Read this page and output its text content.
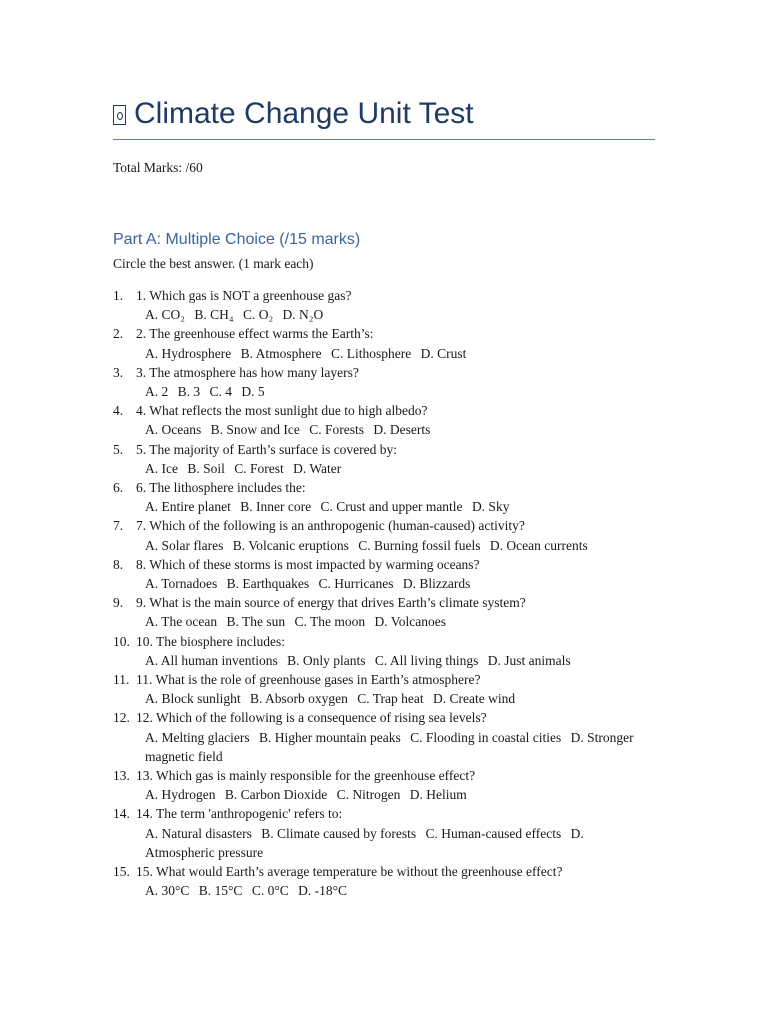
Climate Change Unit Test
Total Marks: /60
Part A: Multiple Choice (/15 marks)
Circle the best answer. (1 mark each)
1. 1. Which gas is NOT a greenhouse gas?
A. CO₂ B. CH₄ C. O₂ D. N₂O
2. 2. The greenhouse effect warms the Earth’s:
A. Hydrosphere B. Atmosphere C. Lithosphere D. Crust
3. 3. The atmosphere has how many layers?
A. 2 B. 3 C. 4 D. 5
4. 4. What reflects the most sunlight due to high albedo?
A. Oceans B. Snow and Ice C. Forests D. Deserts
5. 5. The majority of Earth’s surface is covered by:
A. Ice B. Soil C. Forest D. Water
6. 6. The lithosphere includes the:
A. Entire planet B. Inner core C. Crust and upper mantle D. Sky
7. 7. Which of the following is an anthropogenic (human-caused) activity?
A. Solar flares B. Volcanic eruptions C. Burning fossil fuels D. Ocean currents
8. 8. Which of these storms is most impacted by warming oceans?
A. Tornadoes B. Earthquakes C. Hurricanes D. Blizzards
9. 9. What is the main source of energy that drives Earth’s climate system?
A. The ocean B. The sun C. The moon D. Volcanoes
10. 10. The biosphere includes:
A. All human inventions B. Only plants C. All living things D. Just animals
11. 11. What is the role of greenhouse gases in Earth’s atmosphere?
A. Block sunlight B. Absorb oxygen C. Trap heat D. Create wind
12. 12. Which of the following is a consequence of rising sea levels?
A. Melting glaciers B. Higher mountain peaks C. Flooding in coastal cities D. Stronger magnetic field
13. 13. Which gas is mainly responsible for the greenhouse effect?
A. Hydrogen B. Carbon Dioxide C. Nitrogen D. Helium
14. 14. The term 'anthropogenic' refers to:
A. Natural disasters B. Climate caused by forests C. Human-caused effects D. Atmospheric pressure
15. 15. What would Earth’s average temperature be without the greenhouse effect?
A. 30°C B. 15°C C. 0°C D. -18°C
